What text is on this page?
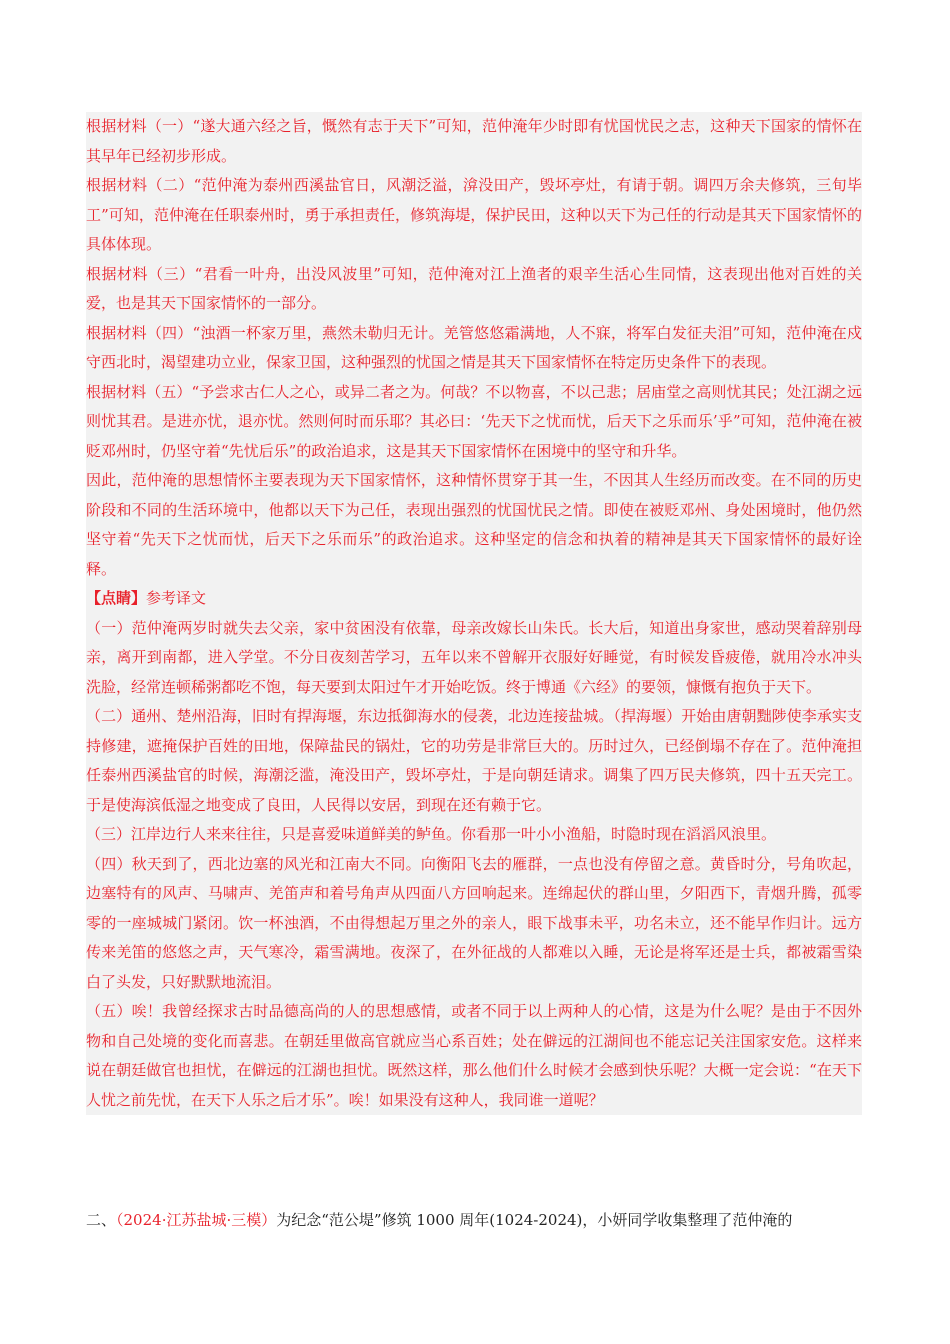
根据材料（一）“遂大通六经之旨，慨然有志于天下”可知，范仲淹年少时即有忧国忧民之志，这种天下国家的情怀在其早年已经初步形成。

根据材料（二）“范仲淹为泰州西溪盐官日，风潮泛溢，渰没田产，毁坏亭灶，有请于朝。调四万余夫修筑，三旬毕工”可知，范仲淹在任职泰州时，勇于承担责任，修筑海堤，保护民田，这种以天下为己任的行动是其天下国家情怀的具体体现。

根据材料（三）“君看一叶舟，出没风波里”可知，范仲淹对江上渔者的艰辛生活心生同情，这表现出他对百姓的关爱，也是其天下国家情怀的一部分。

根据材料（四）“浊酒一杯家万里，燕然未勒归无计。羌管悠悠霜满地，人不寐，将军白发征夫泪”可知，范仲淹在戍守西北时，渴望建功立业，保家卫国，这种强烈的忧国之情是其天下国家情怀在特定历史条件下的表现。

根据材料（五）“予尝求古仁人之心，或异二者之为。何哉？不以物喜，不以己悲；居庙堂之高则忧其民；处江湖之远则忧其君。是进亦忧，退亦忧。然则何时而乐耶？其必曰：‘先天下之忧而忧，后天下之乐而乐’乎”可知，范仲淹在被贬邓州时，仍坚守着“先忧后乐”的政治追求，这是其天下国家情怀在困境中的坚守和升华。

因此，范仲淹的思想情怀主要表现为天下国家情怀，这种情怀贯穿于其一生，不因其人生经历而改变。在不同的历史阶段和不同的生活环境中，他都以天下为己任，表现出强烈的忧国忧民之情。即使在被贬邓州、身处困境时，他仍然坚守着“先天下之忧而忧，后天下之乐而乐”的政治追求。这种坚定的信念和执着的精神是其天下国家情怀的最好诠释。

【点睛】参考译文

（一）范仲淹两岁时就失去父亲，家中贫困没有依靠，母亲改嫁长山朱氏。长大后，知道出身家世，感动哭着辞别母亲，离开到南都，进入学堂。不分日夜刻苦学习，五年以来不曾解开衣服好好睡觉，有时候发昏疲倦，就用冷水冲头洗脸，经常连顿稀粥都吃不饱，每天要到太阳过午才开始吃饭。终于博通《六经》的要领，慷慨有抱负于天下。

（二）通州、楚州沿海，旧时有捍海堰，东边抵御海水的侵袭，北边连接盐城。（捍海堰）开始由唐朝黜陟使李承实支持修建，遮掩保护百姓的田地，保障盐民的锅灶，它的功劳是非常巨大的。历时过久，已经倒塌不存在了。范仲淹担任泰州西溪盐官的时候，海潮泛滥，淹没田产，毁坏亭灶，于是向朝廷请求。调集了四万民夫修筑，四十五天完工。于是使海滨低湿之地变成了良田，人民得以安居，到现在还有赖于它。

（三）江岸边行人来来往往，只是喜爱味道鲜美的鲈鱼。你看那一叶小小渔船，时隐时现在滔滔风浪里。

（四）秋天到了，西北边塞的风光和江南大不同。向衡阳飞去的雁群，一点也没有停留之意。黄昏时分，号角吹起，边塞特有的风声、马啸声、羌笛声和着号角声从四面八方回响起来。连绵起伏的群山里，夕阳西下，青烟升腾，孤零零的一座城城门紧闭。饮一杯浊酒，不由得想起万里之外的亲人，眼下战事未平，功名未立，还不能早作归计。远方传来羌笛的悠悠之声，天气寒冷，霜雪满地。夜深了，在外征战的人都难以入睡，无论是将军还是士兵，都被霜雪染白了头发，只好默默地流泪。

（五）唉！我曾经探求古时品德高尚的人的思想感情，或者不同于以上两种人的心情，这是为什么呢？是由于不因外物和自己处境的变化而喜悲。在朝廷里做高官就应当心系百姓；处在僻远的江湖间也不能忘记关注国家安危。这样来说在朝廷做官也担忧，在僻远的江湖也担忧。既然这样，那么他们什么时候才会感到快乐呢？大概一定会说：“在天下人忧之前先忧，在天下人乐之后才乐”。唉！如果没有这种人，我同谁一道呢？

二、（2024·江苏盐城·三模）为纪念“范公堤”修筑 1000 周年(1024-2024)，小妍同学收集整理了范仲淹的
